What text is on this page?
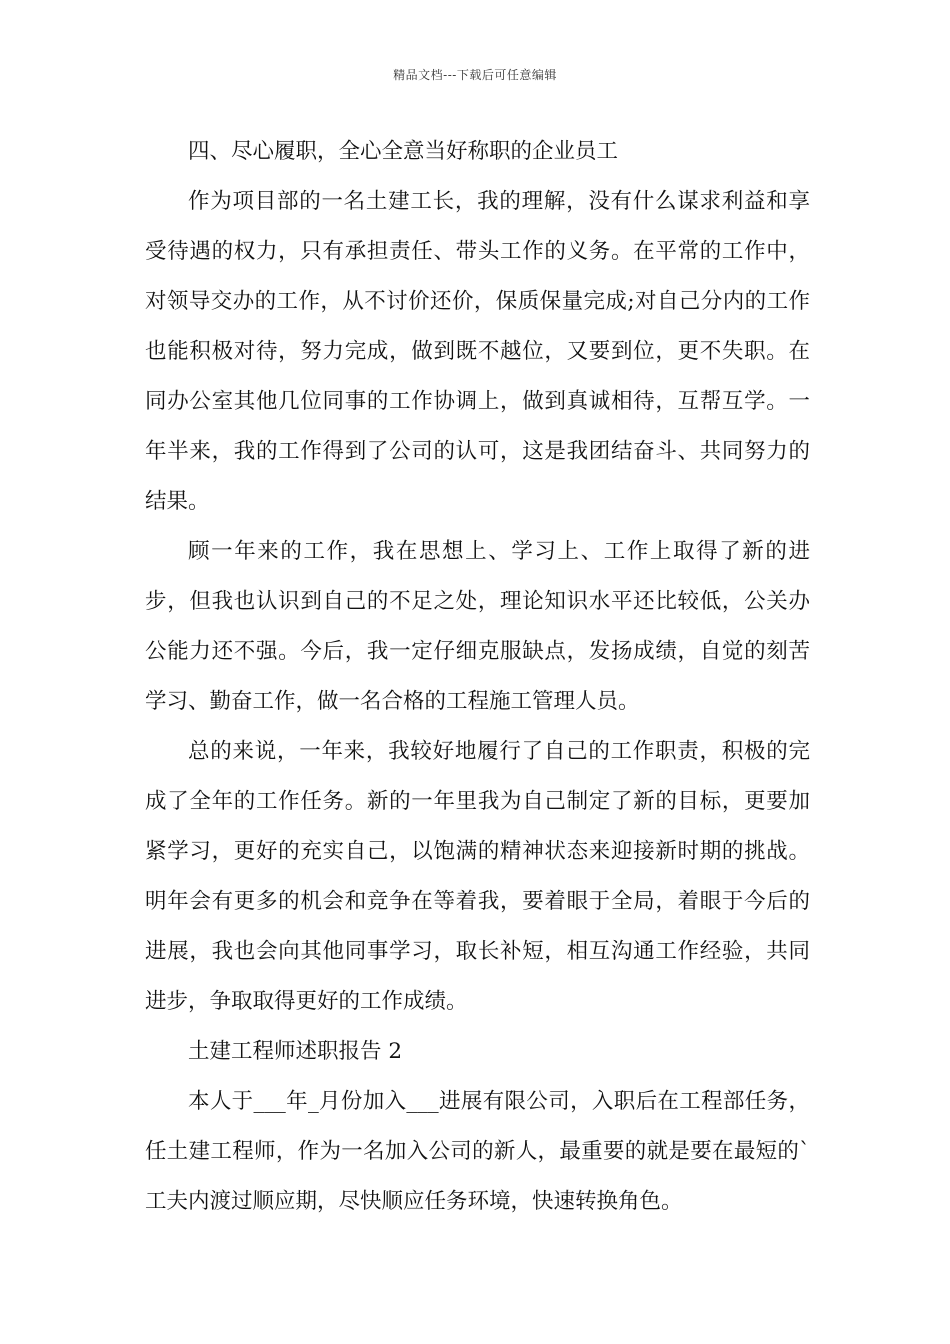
精品文档---下载后可任意编辑

四、尽心履职，全心全意当好称职的企业员工

作为项目部的一名土建工长，我的理解，没有什么谋求利益和享受待遇的权力，只有承担责任、带头工作的义务。在平常的工作中，对领导交办的工作，从不讨价还价，保质保量完成;对自己分内的工作也能积极对待，努力完成，做到既不越位，又要到位，更不失职。在同办公室其他几位同事的工作协调上，做到真诚相待，互帮互学。一年半来，我的工作得到了公司的认可，这是我团结奋斗、共同努力的结果。

顾一年来的工作，我在思想上、学习上、工作上取得了新的进步，但我也认识到自己的不足之处，理论知识水平还比较低，公关办公能力还不强。今后，我一定仔细克服缺点，发扬成绩，自觉的刻苦学习、勤奋工作，做一名合格的工程施工管理人员。

总的来说，一年来，我较好地履行了自己的工作职责，积极的完成了全年的工作任务。新的一年里我为自己制定了新的目标，更要加紧学习，更好的充实自己，以饱满的精神状态来迎接新时期的挑战。明年会有更多的机会和竞争在等着我，要着眼于全局，着眼于今后的进展，我也会向其他同事学习，取长补短，相互沟通工作经验，共同进步，争取取得更好的工作成绩。

土建工程师述职报告 2

本人于___年_月份加入___进展有限公司，入职后在工程部任务，任土建工程师，作为一名加入公司的新人，最重要的就是要在最短的`工夫内渡过顺应期，尽快顺应任务环境，快速转换角色。
